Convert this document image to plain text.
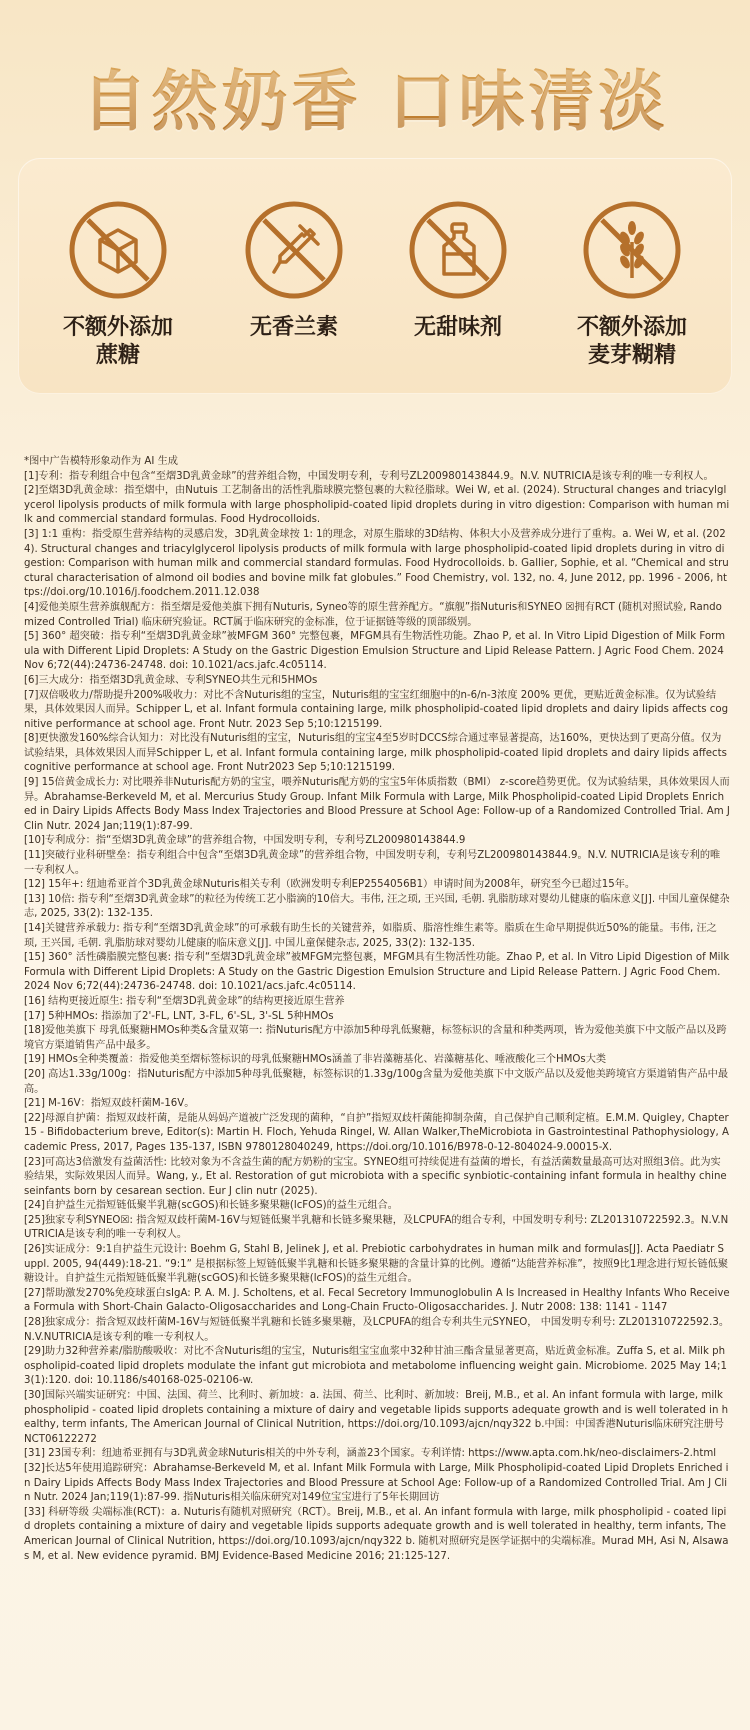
自然奶香 口味清淡
不额外添加
蔗糖
无香兰素	无甜味剂	不额外添加
麦芽糊精

*图中广告模特形象动作为 AI 生成

[1]专利：指专利组合中包含“至熠3D乳黄金球”的营养组合物，中国发明专利，专利号ZL200980143844.9。N.V. NUTRICIA是该专利的唯一专利权人。

[2]至熠3D乳黄金球：指至熠中，由Nutuis 工艺制备出的活性乳脂球膜完整包裹的大粒径脂球。Wei W, et al. (2024). Structural changes and triacylglycerol lipolysis products of milk formula with large phospholipid-coated lipid droplets during in vitro digestion: Comparison with human milk and commercial standard formulas. Food Hydrocolloids.

[3] 1:1 重构：指受原生营养结构的灵感启发，3D乳黄金球按 1: 1的理念，对原生脂球的3D结构、体积大小及营养成分进行了重构。a. Wei W, et al. (2024). Structural changes and triacylglycerol lipolysis products of milk formula with large phospholipid-coated lipid droplets during in vitro digestion: Comparison with human milk and commercial standard formulas. Food Hydrocolloids. b. Gallier, Sophie, et al. “Chemical and structural characterisation of almond oil bodies and bovine milk fat globules.” Food Chemistry, vol. 132, no. 4, June 2012, pp. 1996 - 2006, https://doi.org/10.1016/j.foodchem.2011.12.038

[4]爱他美原生营养旗舰配方：指至熠是爱他美旗下拥有Nuturis, Syneo等的原生营养配方。“旗舰”指Nuturis和SYNEO ☒拥有RCT (随机对照试验, Randomized Controlled Trial) 临床研究验证。RCT属于临床研究的金标准，位于证据链等级的顶部级别。

[5] 360° 超突破：指专利“至熠3D乳黄金球”被MFGM 360° 完整包裹，MFGM具有生物活性功能。Zhao P, et al. In Vitro Lipid Digestion of Milk Formula with Different Lipid Droplets: A Study on the Gastric Digestion Emulsion Structure and Lipid Release Pattern. J Agric Food Chem. 2024 Nov 6;72(44):24736-24748. doi: 10.1021/acs.jafc.4c05114.

[6]三大成分：指至熠3D乳黄金球、专利SYNEO共生元和5HMOs

[7]双倍吸收力/帮助提升200%吸收力：对比不含Nuturis组的宝宝，Nuturis组的宝宝红细胞中的n-6/n-3浓度 200% 更优，更贴近黄金标准。仅为试验结果，具体效果因人而异。Schipper L, et al. Infant formula containing large, milk phospholipid-coated lipid droplets and dairy lipids affects cognitive performance at school age. Front Nutr. 2023 Sep 5;10:1215199.

[8]更快激发160%综合认知力：对比没有Nuturis组的宝宝，Nuturis组的宝宝4至5岁时DCCS综合通过率显著提高，达160%，更快达到了更高分值。仅为试验结果，具体效果因人而异Schipper L, et al. Infant formula containing large, milk phospholipid-coated lipid droplets and dairy lipids affects cognitive performance at school age. Front Nutr2023 Sep 5;10:1215199.

[9] 15倍黄金成长力: 对比喂养非Nuturis配方奶的宝宝，喂养Nuturis配方奶的宝宝5年体质指数（BMI） z-score趋势更优。仅为试验结果，具体效果因人而异。Abrahamse-Berkeveld M, et al. Mercurius Study Group. Infant Milk Formula with Large, Milk Phospholipid-coated Lipid Droplets Enriched in Dairy Lipids Affects Body Mass Index Trajectories and Blood Pressure at School Age: Follow-up of a Randomized Controlled Trial. Am J Clin Nutr. 2024 Jan;119(1):87-99.

[10]专利成分：指“至熠3D乳黄金球”的营养组合物，中国发明专利，专利号ZL200980143844.9

[11]突破行业科研壁垒：指专利组合中包含“至熠3D乳黄金球”的营养组合物，中国发明专利，专利号ZL200980143844.9。N.V. NUTRICIA是该专利的唯一专利权人。

[12] 15年+: 纽迪希亚首个3D乳黄金球Nuturis相关专利（欧洲发明专利EP2554056B1）申请时间为2008年，研究至今已超过15年。

[13] 10倍: 指专利“至熠3D乳黄金球”的粒径为传统工艺小脂滴的10倍大。韦伟, 汪之顼, 王兴国, 毛朝. 乳脂肪球对婴幼儿健康的临床意义[J]. 中国儿童保健杂志, 2025, 33(2): 132-135.

[14]关键营养承载力: 指专利“至熠3D乳黄金球”的可承载有助生长的关键营养，如脂质、脂溶性维生素等。脂质在生命早期提供近50%的能量。韦伟, 汪之顼, 王兴国, 毛朝. 乳脂肪球对婴幼儿健康的临床意义[J]. 中国儿童保健杂志, 2025, 33(2): 132-135.

[15] 360° 活性磷脂膜完整包裹: 指专利“至熠3D乳黄金球”被MFGM完整包裹，MFGM具有生物活性功能。Zhao P, et al. In Vitro Lipid Digestion of Milk Formula with Different Lipid Droplets: A Study on the Gastric Digestion Emulsion Structure and Lipid Release Pattern. J Agric Food Chem. 2024 Nov 6;72(44):24736-24748. doi: 10.1021/acs.jafc.4c05114.

[16] 结构更接近原生: 指专利“至熠3D乳黄金球”的结构更接近原生营养

[17] 5种HMOs: 指添加了2'-FL, LNT, 3-FL, 6'-SL, 3'-SL 5种HMOs

[18]爱他美旗下 母乳低聚糖HMOs种类&含量双第一: 指Nuturis配方中添加5种母乳低聚糖，标签标识的含量和种类两项，皆为爱他美旗下中文版产品以及跨境官方渠道销售产品中最多。

[19] HMOs全种类覆盖：指爱他美至熠标签标识的母乳低聚糖HMOs涵盖了非岩藻糖基化、岩藻糖基化、唾液酸化三个HMOs大类

[20] 高达1.33g/100g：指Nuturis配方中添加5种母乳低聚糖，标签标识的1.33g/100g含量为爱他美旗下中文版产品以及爱他美跨境官方渠道销售产品中最高。

[21] M-16V：指短双歧杆菌M-16V。

[22]母源自护菌：指短双歧杆菌，是能从妈妈产道被广泛发现的菌种，“自护”指短双歧杆菌能抑制杂菌，自己保护自己顺利定植。E.M.M. Quigley, Chapter 15 - Bifidobacterium breve, Editor(s): Martin H. Floch, Yehuda Ringel, W. Allan Walker,TheMicrobiota in Gastrointestinal Pathophysiology, Academic Press, 2017, Pages 135-137, ISBN 9780128040249, https://doi.org/10.1016/B978-0-12-804024-9.00015-X.

[23]可高达3倍激发有益菌活性: 比较对象为不含益生菌的配方奶粉的宝宝。SYNEO组可持续促进有益菌的增长，有益活菌数量最高可达对照组3倍。此为实验结果，实际效果因人而异。Wang, y., Et al. Restoration of gut microbiota with a specific synbiotic-containing infant formula in healthy chineseinfants born by cesarean section. Eur J clin nutr (2025).

[24]自护益生元指短链低聚半乳糖(scGOS)和长链多聚果糖(lcFOS)的益生元组合。

[25]独家专利SYNEO☒: 指含短双歧杆菌M-16V与短链低聚半乳糖和长链多聚果糖，及LCPUFA的组合专利，中国发明专利号: ZL201310722592.3。N.V.NUTRICIA是该专利的唯一专利权人。

[26]实证成分：9:1自护益生元设计: Boehm G, Stahl B, Jelinek J, et al. Prebiotic carbohydrates in human milk and formulas[J]. Acta Paediatr Suppl. 2005, 94(449):18-21. “9:1” 是根据标签上短链低聚半乳糖和长链多聚果糖的含量计算的比例。遵循“达能营养标准”，按照9比1理念进行短长链低聚糖设计。自护益生元指短链低聚半乳糖(scGOS)和长链多聚果糖(lcFOS)的益生元组合。

[27]帮助激发270%免疫球蛋白sIgA: P. A. M. J. Scholtens, et al. Fecal Secretory Immunoglobulin A Is Increased in Healthy Infants Who Receive a Formula with Short-Chain Galacto-Oligosaccharides and Long-Chain Fructo-Oligosaccharides. J. Nutr 2008: 138: 1141 - 1147

[28]独家成分：指含短双歧杆菌M-16V与短链低聚半乳糖和长链多聚果糖，及LCPUFA的组合专利共生元SYNEO， 中国发明专利号: ZL201310722592.3。N.V.NUTRICIA是该专利的唯一专利权人。

[29]助力32种营养素/脂肪酸吸收：对比不含Nuturis组的宝宝，Nuturis组宝宝血浆中32种甘油三酯含量显著更高，贴近黄金标准。Zuffa S, et al. Milk phospholipid-coated lipid droplets modulate the infant gut microbiota and metabolome influencing weight gain. Microbiome. 2025 May 14;13(1):120. doi: 10.1186/s40168-025-02106-w.

[30]国际兴端实证研究：中国、法国、荷兰、比利时、新加坡：a. 法国、荷兰、比利时、新加坡：Breij, M.B., et al. An infant formula with large, milk phospholipid - coated lipid droplets containing a mixture of dairy and vegetable lipids supports adequate growth and is well tolerated in healthy, term infants, The American Journal of Clinical Nutrition, https://doi.org/10.1093/ajcn/nqy322 b.中国：中国香港Nuturis临床研究注册号NCT06122272

[31] 23国专利：纽迪希亚拥有与3D乳黄金球Nuturis相关的中外专利，涵盖23个国家。专利详情: https://www.apta.com.hk/neo-disclaimers-2.html

[32]长达5年使用追踪研究：Abrahamse-Berkeveld M, et al. Infant Milk Formula with Large, Milk Phospholipid-coated Lipid Droplets Enriched in Dairy Lipids Affects Body Mass Index Trajectories and Blood Pressure at School Age: Follow-up of a Randomized Controlled Trial. Am J Clin Nutr. 2024 Jan;119(1):87-99. 指Nuturis相关临床研究对149位宝宝进行了5年长期回访

[33] 科研等级 尖端标准(RCT)：a. Nuturis有随机对照研究（RCT）。Breij, M.B., et al. An infant formula with large, milk phospholipid - coated lipid droplets containing a mixture of dairy and vegetable lipids supports adequate growth and is well tolerated in healthy, term infants, The American Journal of Clinical Nutrition, https://doi.org/10.1093/ajcn/nqy322 b. 随机对照研究是医学证据中的尖端标准。Murad MH, Asi N, Alsawas M, et al. New evidence pyramid. BMJ Evidence-Based Medicine 2016; 21:125-127.
